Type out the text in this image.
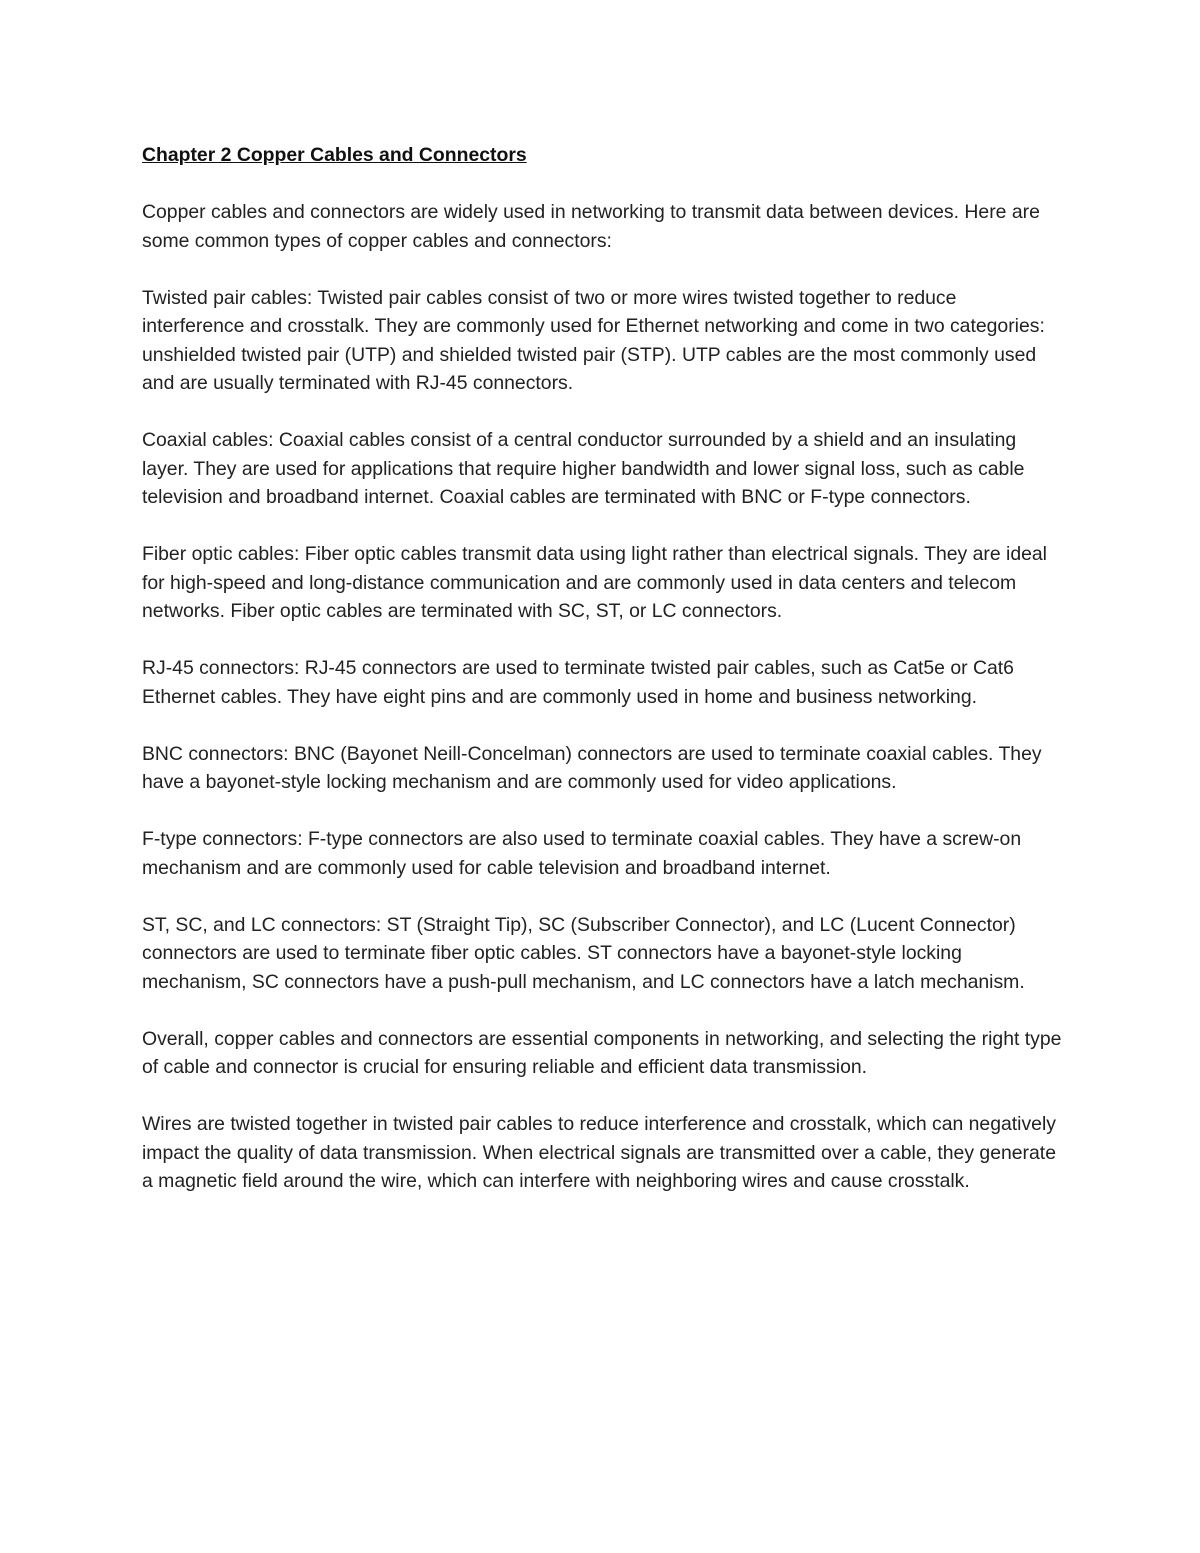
Chapter 2 Copper Cables and Connectors

Copper cables and connectors are widely used in networking to transmit data between devices. Here are some common types of copper cables and connectors:

Twisted pair cables: Twisted pair cables consist of two or more wires twisted together to reduce interference and crosstalk. They are commonly used for Ethernet networking and come in two categories: unshielded twisted pair (UTP) and shielded twisted pair (STP). UTP cables are the most commonly used and are usually terminated with RJ-45 connectors.

Coaxial cables: Coaxial cables consist of a central conductor surrounded by a shield and an insulating layer. They are used for applications that require higher bandwidth and lower signal loss, such as cable television and broadband internet. Coaxial cables are terminated with BNC or F-type connectors.

Fiber optic cables: Fiber optic cables transmit data using light rather than electrical signals. They are ideal for high-speed and long-distance communication and are commonly used in data centers and telecom networks. Fiber optic cables are terminated with SC, ST, or LC connectors.

RJ-45 connectors: RJ-45 connectors are used to terminate twisted pair cables, such as Cat5e or Cat6 Ethernet cables. They have eight pins and are commonly used in home and business networking.

BNC connectors: BNC (Bayonet Neill-Concelman) connectors are used to terminate coaxial cables. They have a bayonet-style locking mechanism and are commonly used for video applications.

F-type connectors: F-type connectors are also used to terminate coaxial cables. They have a screw-on mechanism and are commonly used for cable television and broadband internet.

ST, SC, and LC connectors: ST (Straight Tip), SC (Subscriber Connector), and LC (Lucent Connector) connectors are used to terminate fiber optic cables. ST connectors have a bayonet-style locking mechanism, SC connectors have a push-pull mechanism, and LC connectors have a latch mechanism.

Overall, copper cables and connectors are essential components in networking, and selecting the right type of cable and connector is crucial for ensuring reliable and efficient data transmission.

Wires are twisted together in twisted pair cables to reduce interference and crosstalk, which can negatively impact the quality of data transmission. When electrical signals are transmitted over a cable, they generate a magnetic field around the wire, which can interfere with neighboring wires and cause crosstalk.
